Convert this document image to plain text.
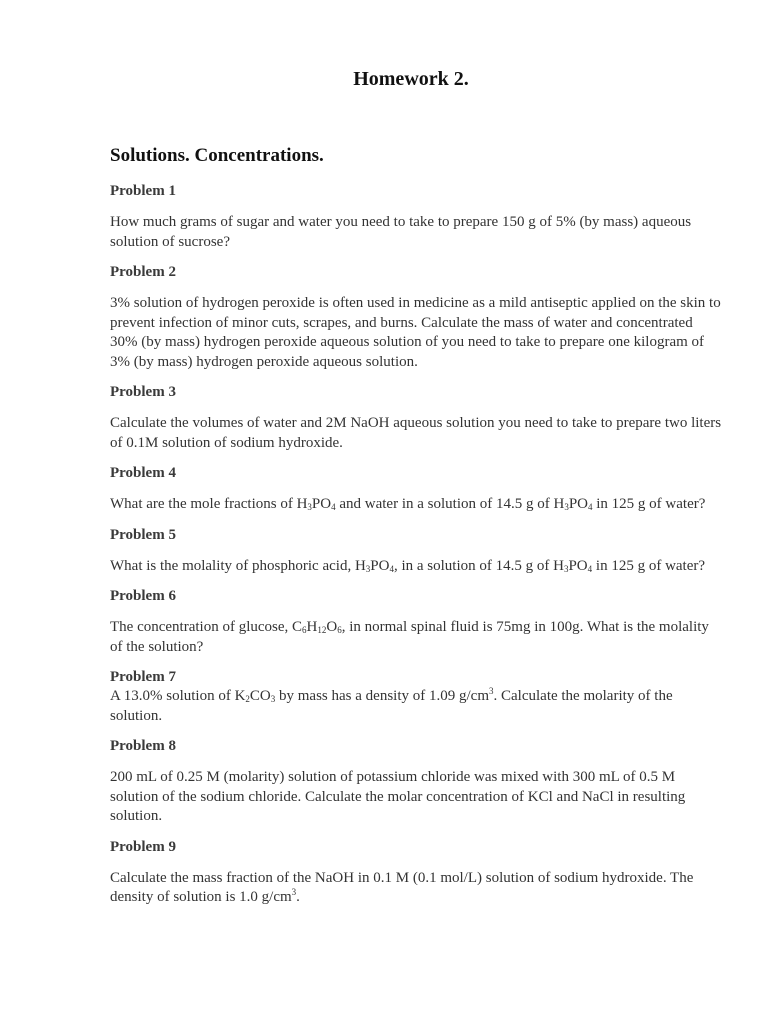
Homework 2.
Solutions. Concentrations.

Problem 1

How much grams of sugar and water you need to take to prepare 150 g of 5% (by mass) aqueous solution of sucrose?

Problem 2

3% solution of hydrogen peroxide is often used in medicine as a mild antiseptic applied on the skin to prevent infection of minor cuts, scrapes, and burns. Calculate the mass of water and concentrated 30% (by mass) hydrogen peroxide aqueous solution of you need to take to prepare one kilogram of 3% (by mass) hydrogen peroxide aqueous solution.

Problem 3

Calculate the volumes of water and 2M NaOH aqueous solution you need to take to prepare two liters of 0.1M solution of sodium hydroxide.

Problem 4

What are the mole fractions of $H_3PO_4$ and water in a solution of 14.5 g of $H_3PO_4$ in 125 g of water?

Problem 5

What is the molality of phosphoric acid, $H_3PO_4$, in a solution of 14.5 g of $H_3PO_4$ in 125 g of water?

Problem 6

The concentration of glucose, $C_6H_{12}O_6$, in normal spinal fluid is 75mg in 100g. What is the molality of the solution?

Problem 7

A 13.0% solution of $K_2CO_3$ by mass has a density of 1.09 $g/cm^3$. Calculate the molarity of the solution.

Problem 8

200 mL of 0.25 M (molarity) solution of potassium chloride was mixed with 300 mL of 0.5 M solution of the sodium chloride. Calculate the molar concentration of KCl and NaCl in resulting solution.

Problem 9

Calculate the mass fraction of the NaOH in 0.1 M (0.1 mol/L) solution of sodium hydroxide. The density of solution is 1.0 $g/cm^3$.
